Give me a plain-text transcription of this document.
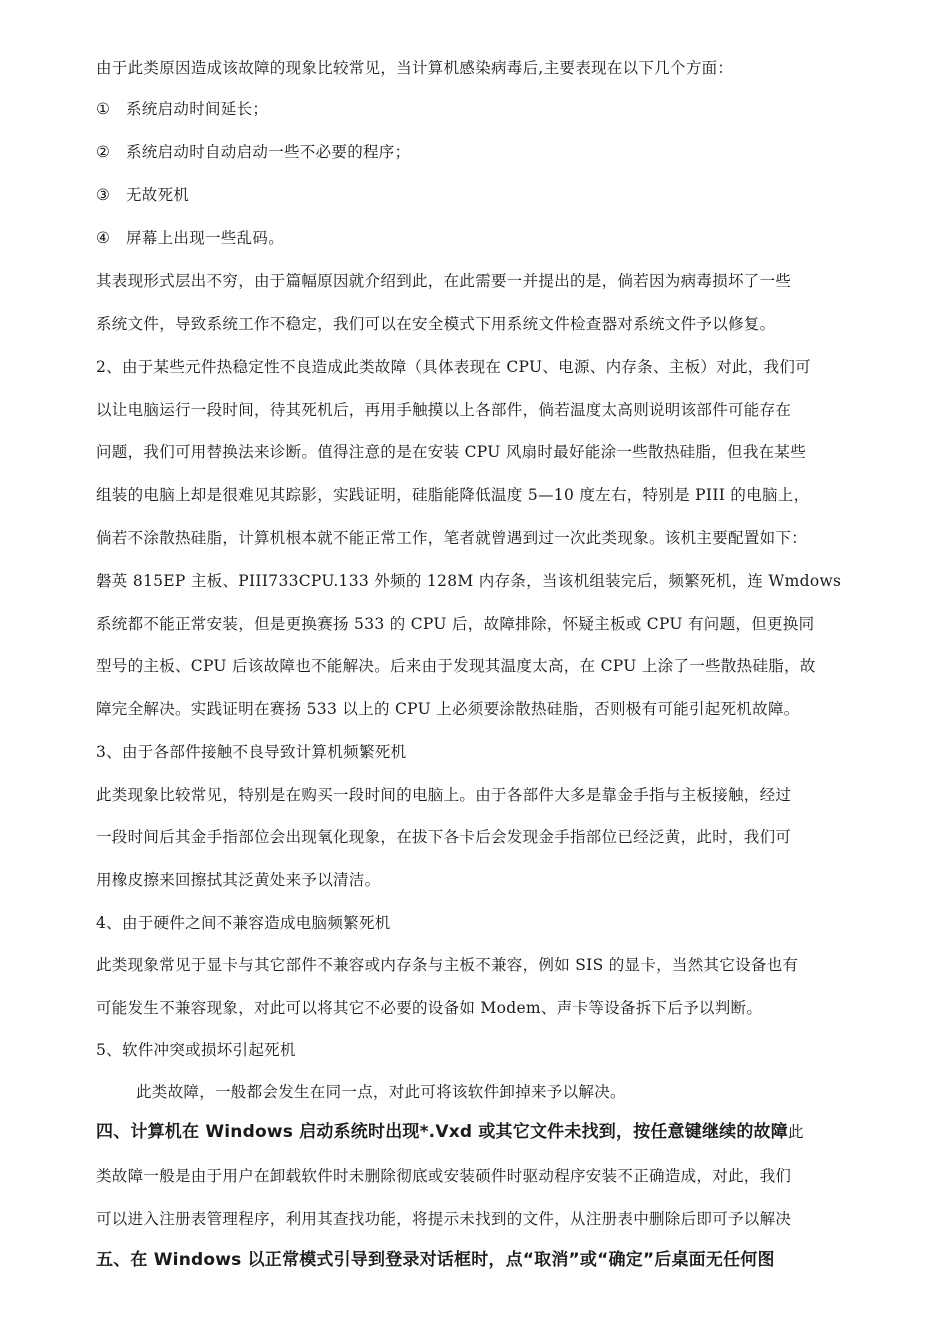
由于此类原因造成该故障的现象比较常见，当计算机感染病毒后,主要表现在以下几个方面：
① 系统启动时间延长；
② 系统启动时自动启动一些不必要的程序；
③ 无故死机
④ 屏幕上出现一些乱码。
其表现形式层出不穷，由于篇幅原因就介绍到此，在此需要一并提出的是，倘若因为病毒损坏了一些
系统文件，导致系统工作不稳定，我们可以在安全模式下用系统文件检查器对系统文件予以修复。
2、由于某些元件热稳定性不良造成此类故障（具体表现在 CPU、电源、内存条、主板）对此，我们可
以让电脑运行一段时间，待其死机后，再用手触摸以上各部件，倘若温度太高则说明该部件可能存在
问题，我们可用替换法来诊断。值得注意的是在安装 CPU 风扇时最好能涂一些散热硅脂，但我在某些
组装的电脑上却是很难见其踪影，实践证明，硅脂能降低温度 5—10 度左右，特别是 PIII 的电脑上，
倘若不涂散热硅脂，计算机根本就不能正常工作，笔者就曾遇到过一次此类现象。该机主要配置如下：
磐英 815EP 主板、PIII733CPU.133 外频的 128M 内存条，当该机组装完后，频繁死机，连 Wmdows
系统都不能正常安装，但是更换赛扬 533 的 CPU 后，故障排除，怀疑主板或 CPU 有问题，但更换同
型号的主板、CPU 后该故障也不能解决。后来由于发现其温度太高，在 CPU 上涂了一些散热硅脂，故
障完全解决。实践证明在赛扬 533 以上的 CPU 上必须要涂散热硅脂，否则极有可能引起死机故障。
3、由于各部件接触不良导致计算机频繁死机
此类现象比较常见，特别是在购买一段时间的电脑上。由于各部件大多是靠金手指与主板接触，经过
一段时间后其金手指部位会出现氧化现象，在拔下各卡后会发现金手指部位已经泛黄，此时，我们可
用橡皮擦来回擦拭其泛黄处来予以清洁。
4、由于硬件之间不兼容造成电脑频繁死机
此类现象常见于显卡与其它部件不兼容或内存条与主板不兼容，例如 SIS 的显卡，当然其它设备也有
可能发生不兼容现象，对此可以将其它不必要的设备如 Modem、声卡等设备拆下后予以判断。
5、软件冲突或损坏引起死机
此类故障，一般都会发生在同一点，对此可将该软件卸掉来予以解决。
四、计算机在 Windows 启动系统时出现*.Vxd 或其它文件未找到，按任意键继续的故障此
类故障一般是由于用户在卸载软件时未删除彻底或安装硕件时驱动程序安装不正确造成，对此，我们
可以进入注册表管理程序，利用其查找功能，将提示未找到的文件，从注册表中删除后即可予以解决
五、在 Windows 以正常模式引导到登录对话框时，点“取消”或“确定”后桌面无任何图
